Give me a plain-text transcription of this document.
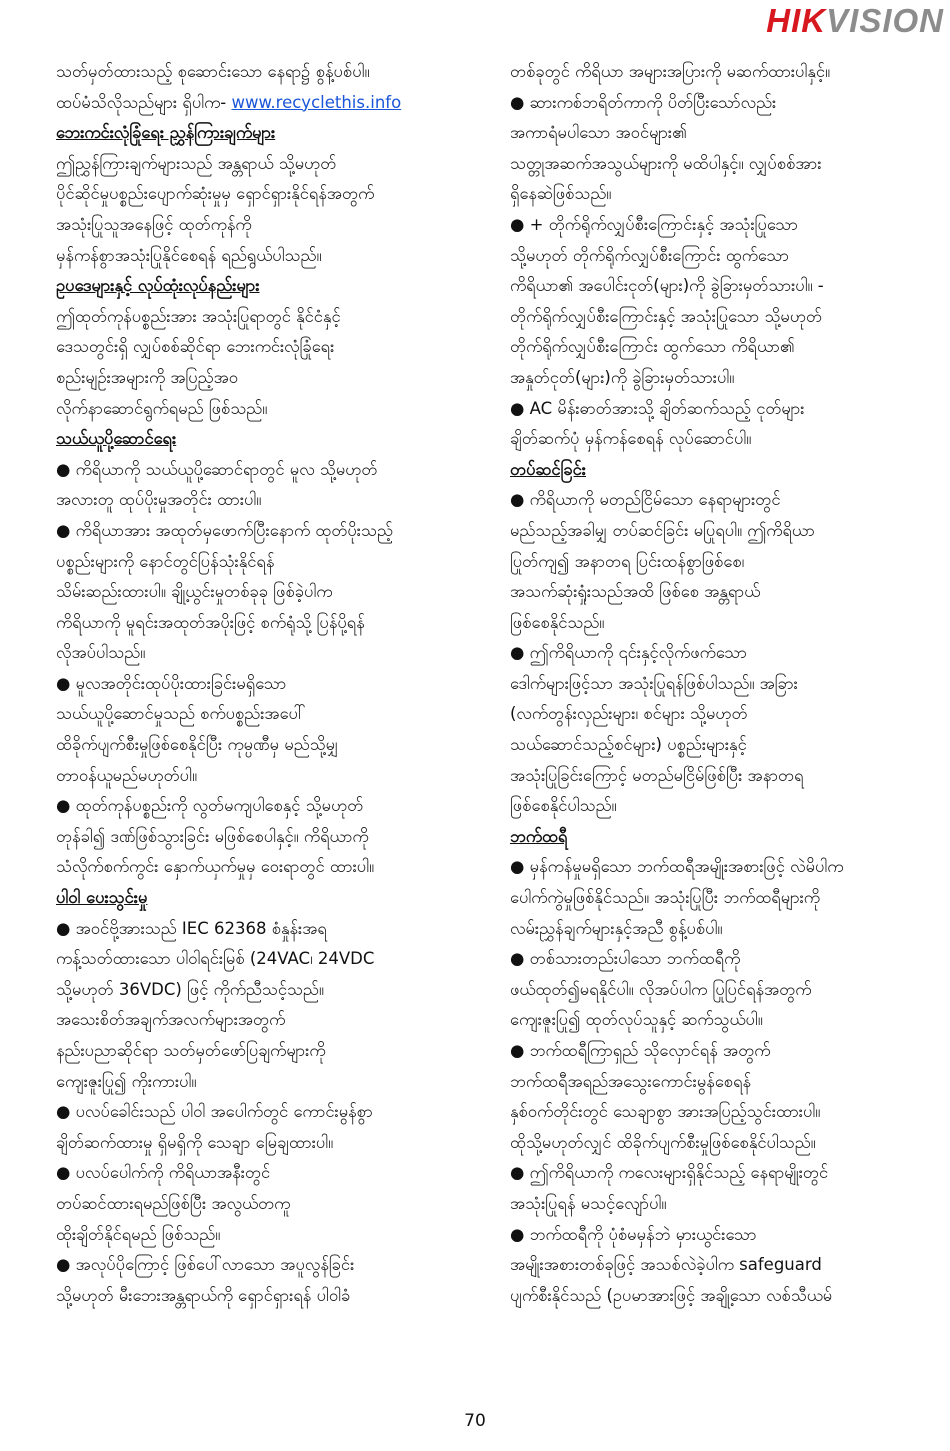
HIKVISION

သတ်မှတ်ထားသည့် စုဆောင်းသော နေရာ၌ စွန့်ပစ်ပါ။

ထပ်မံသိလိုသည်များ ရှိပါက- www.recyclethis.info

ဘေးကင်းလုံခြုံရေး ညွှန်ကြားချက်များ

ဤညွှန်ကြားချက်များသည် အန္တရာယ် သို့မဟုတ်

ပိုင်ဆိုင်မှုပစ္စည်းပျောက်ဆုံးမှုမှ ရှောင်ရှားနိုင်ရန်အတွက်

အသုံးပြုသူအနေဖြင့် ထုတ်ကုန်ကို

မှန်ကန်စွာအသုံးပြုနိုင်စေရန် ရည်ရွယ်ပါသည်။

ဥပဒေများနှင့် လုပ်ထုံးလုပ်နည်းများ

ဤထုတ်ကုန်ပစ္စည်းအား အသုံးပြုရာတွင် နိုင်ငံနှင့်

ဒေသတွင်းရှိ လျှပ်စစ်ဆိုင်ရာ ဘေးကင်းလုံခြုံရေး

စည်းမျဉ်းအများကို အပြည့်အဝ

လိုက်နာဆောင်ရွက်ရမည် ဖြစ်သည်။

သယ်ယူပို့ဆောင်ရေး

● ကိရိယာကို သယ်ယူပို့ဆောင်ရာတွင် မူလ သို့မဟုတ်

အလားတူ ထုပ်ပိုးမှုအတိုင်း ထားပါ။

● ကိရိယာအား အထုတ်မှဖောက်ပြီးနောက် ထုတ်ပိုးသည့်

ပစ္စည်းများကို နောင်တွင်ပြန်သုံးနိုင်ရန်

သိမ်းဆည်းထားပါ။ ချို့ယွင်းမှုတစ်ခုခု ဖြစ်ခဲ့ပါက

ကိရိယာကို မူရင်းအထုတ်အပိုးဖြင့် စက်ရုံသို့ ပြန်ပို့ရန်

လိုအပ်ပါသည်။

● မူလအတိုင်းထုပ်ပိုးထားခြင်းမရှိသော

သယ်ယူပို့ဆောင်မှုသည် စက်ပစ္စည်းအပေါ်

ထိခိုက်ပျက်စီးမှုဖြစ်စေနိုင်ပြီး ကုမ္ပဏီမှ မည်သို့မျှ

တာဝန်ယူမည်မဟုတ်ပါ။

● ထုတ်ကုန်ပစ္စည်းကို လွတ်မကျပါစေနှင့် သို့မဟုတ်

တုန်ခါ၍ ဒဏ်ဖြစ်သွားခြင်း မဖြစ်စေပါနှင့်။ ကိရိယာကို

သံလိုက်စက်ကွင်း နှောက်ယှက်မှုမှ ဝေးရာတွင် ထားပါ။

ပါဝါ ပေးသွင်းမှု

● အဝင်ဗို့အားသည် IEC 62368 စံနှုန်းအရ

ကန့်သတ်ထားသော ပါဝါရင်းမြစ် (24VAC၊ 24VDC

သို့မဟုတ် 36VDC) ဖြင့် ကိုက်ညီသင့်သည်။

အသေးစိတ်အချက်အလက်များအတွက်

နည်းပညာဆိုင်ရာ သတ်မှတ်ဖော်ပြချက်များကို

ကျေးဇူးပြု၍ ကိုးကားပါ။

● ပလပ်ခေါင်းသည် ပါဝါ အပေါက်တွင် ကောင်းမွန်စွာ

ချိတ်ဆက်ထားမှု ရှိမရှိကို သေချာ မြေချထားပါ။

● ပလပ်ပေါက်ကို ကိရိယာအနီးတွင်

တပ်ဆင်ထားရမည်ဖြစ်ပြီး အလွယ်တကူ

ထိုးချိတ်နိုင်ရမည် ဖြစ်သည်။

● အလုပ်ပိုကြောင့် ဖြစ်ပေါ်လာသော အပူလွန်ခြင်း

သို့မဟုတ် မီးဘေးအန္တရာယ်ကို ရှောင်ရှားရန် ပါဝါခံ

တစ်ခုတွင် ကိရိယာ အများအပြားကို မဆက်ထားပါနှင့်။

● ဆားကစ်ဘရိတ်ကာကို ပိတ်ပြီးသော်လည်း

အကာရံမပါသော အဝင်များ၏

သတ္တုအဆက်အသွယ်များကို မထိပါနှင့်။ လျှပ်စစ်အား

ရှိနေဆဲဖြစ်သည်။

● + တိုက်ရိုက်လျှပ်စီးကြောင်းနှင့် အသုံးပြုသော

သို့မဟုတ် တိုက်ရိုက်လျှပ်စီးကြောင်း ထွက်သော

ကိရိယာ၏ အပေါင်းငုတ်(များ)ကို ခွဲခြားမှတ်သားပါ။ -

တိုက်ရိုက်လျှပ်စီးကြောင်းနှင့် အသုံးပြုသော သို့မဟုတ်

တိုက်ရိုက်လျှပ်စီးကြောင်း ထွက်သော ကိရိယာ၏

အနှုတ်ငုတ်(များ)ကို ခွဲခြားမှတ်သားပါ။

● AC မိန်းဓာတ်အားသို့ ချိတ်ဆက်သည့် ငုတ်များ

ချိတ်ဆက်ပုံ မှန်ကန်စေရန် လုပ်ဆောင်ပါ။

တပ်ဆင်ခြင်း

● ကိရိယာကို မတည်ငြိမ်သော နေရာများတွင်

မည်သည့်အခါမျှ တပ်ဆင်ခြင်း မပြုရပါ။ ဤကိရိယာ

ပြုတ်ကျ၍ အနာတရ ပြင်းထန်စွာဖြစ်စေ၊

အသက်ဆုံးရှုံးသည်အထိ ဖြစ်စေ အန္တရာယ်

ဖြစ်စေနိုင်သည်။

● ဤကိရိယာကို ၎င်းနှင့်လိုက်ဖက်သော

ဒေါက်များဖြင့်သာ အသုံးပြုရန်ဖြစ်ပါသည်။ အခြား

(လက်တွန်းလှည်းများ၊ စင်များ သို့မဟုတ်

သယ်ဆောင်သည့်စင်များ) ပစ္စည်းများနှင့်

အသုံးပြုခြင်းကြောင့် မတည်မငြိမ်ဖြစ်ပြီး အနာတရ

ဖြစ်စေနိုင်ပါသည်။

ဘက်ထရီ

● မှန်ကန်မှုမရှိသော ဘက်ထရီအမျိုးအစားဖြင့် လဲမိပါက

ပေါက်ကွဲမှုဖြစ်နိုင်သည်။ အသုံးပြုပြီး ဘက်ထရီများကို

လမ်းညွှန်ချက်များနှင့်အညီ စွန့်ပစ်ပါ။

● တစ်သားတည်းပါသော ဘက်ထရီကို

ဖယ်ထုတ်၍မရနိုင်ပါ။ လိုအပ်ပါက ပြုပြင်ရန်အတွက်

ကျေးဇူးပြု၍ ထုတ်လုပ်သူနှင့် ဆက်သွယ်ပါ။

● ဘက်ထရီကြာရှည် သိုလှောင်ရန် အတွက်

ဘက်ထရီအရည်အသွေးကောင်းမွန်စေရန်

နှစ်ဝက်တိုင်းတွင် သေချာစွာ အားအပြည့်သွင်းထားပါ။

ထိုသို့မဟုတ်လျှင် ထိခိုက်ပျက်စီးမှုဖြစ်စေနိုင်ပါသည်။

● ဤကိရိယာကို ကလေးများရှိနိုင်သည့် နေရာမျိုးတွင်

အသုံးပြုရန် မသင့်လျော်ပါ။

● ဘက်ထရီကို ပုံစံမမှန်ဘဲ မှားယွင်းသော

အမျိုးအစားတစ်ခုဖြင့် အသစ်လဲခဲ့ပါက safeguard

ပျက်စီးနိုင်သည် (ဥပမာအားဖြင့် အချို့သော လစ်သီယမ်

70
